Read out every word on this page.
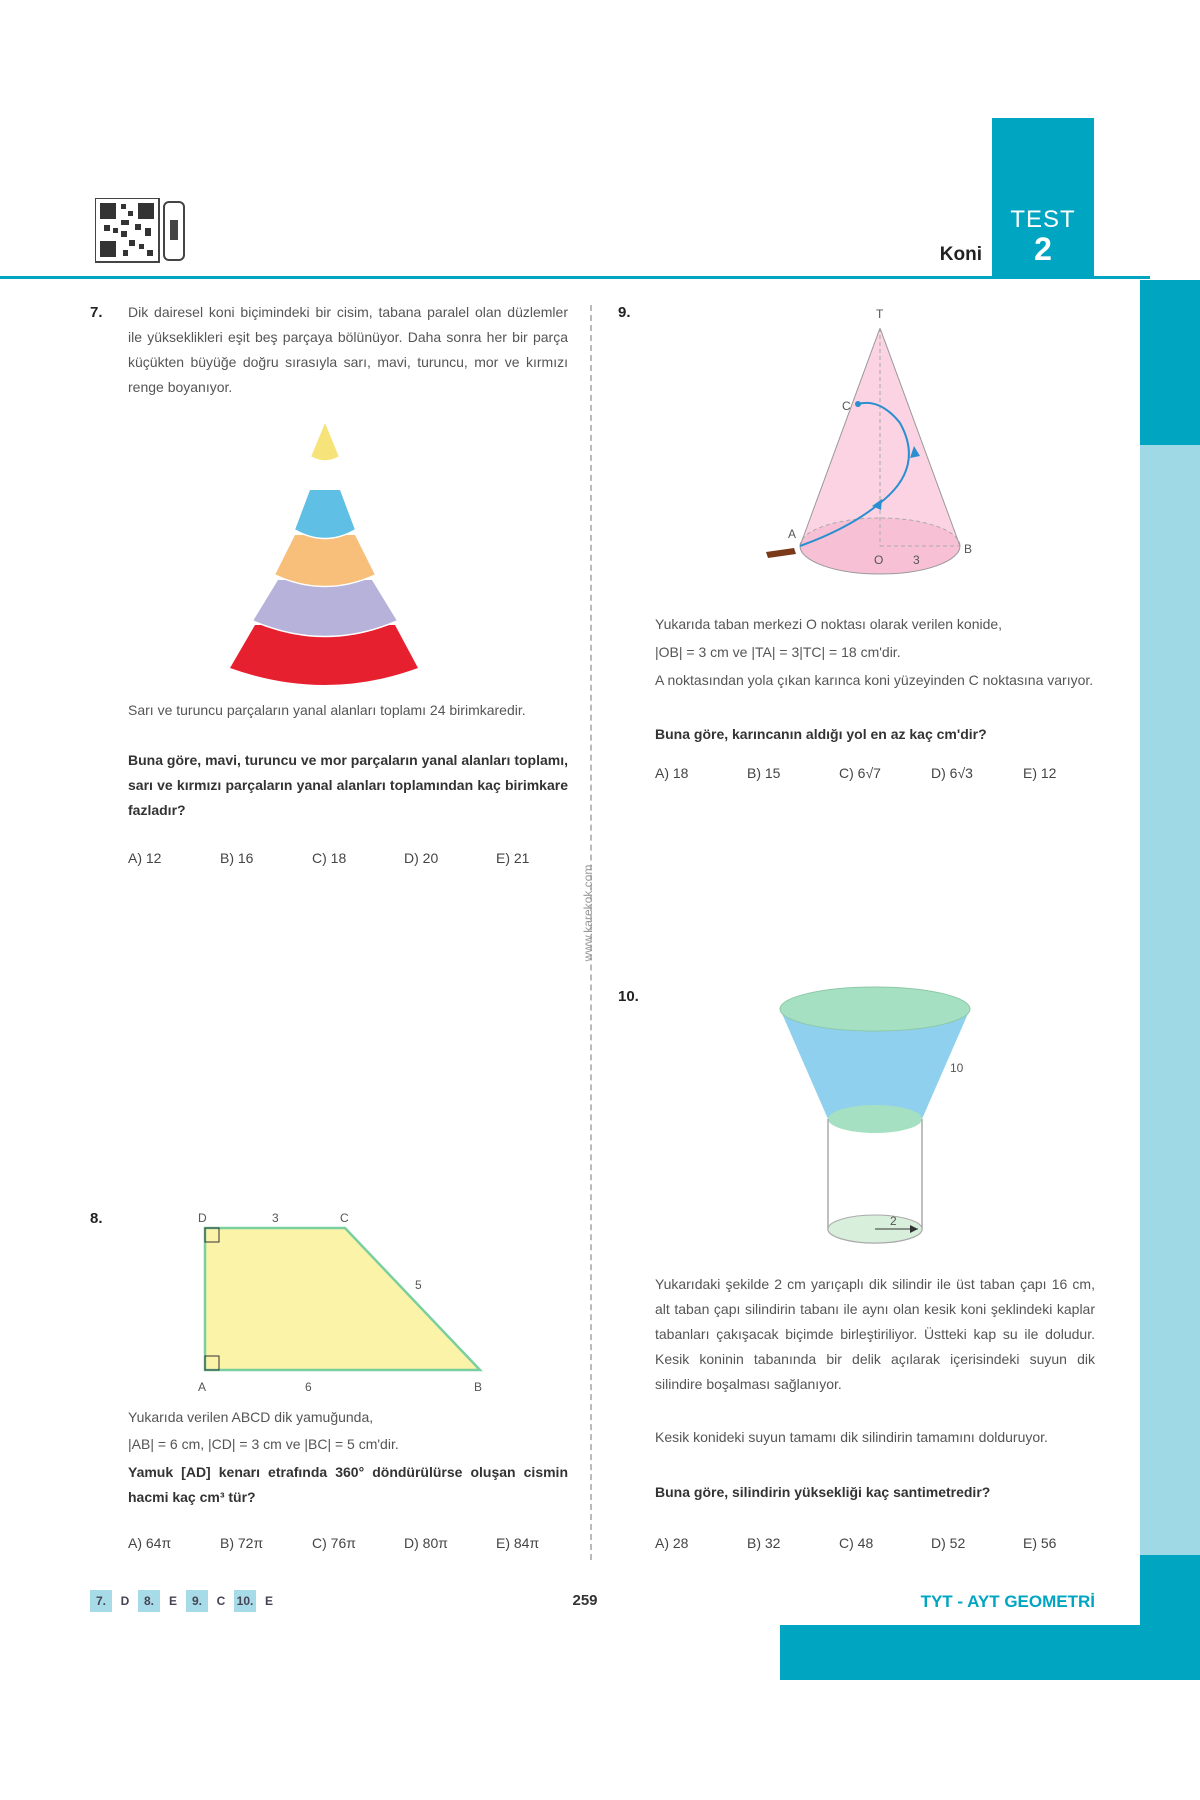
TEST
2
Koni
www.karekok.com
7. Dik dairesel koni biçimindeki bir cisim, tabana paralel olan düzlemler ile yükseklikleri eşit beş parçaya bölünüyor. Daha sonra her bir parça küçükten büyüğe doğru sırasıyla sarı, mavi, turuncu, mor ve kırmızı renge boyanıyor.
Sarı ve turuncu parçaların yanal alanları toplamı 24 birimkaredir.
Buna göre, mavi, turuncu ve mor parçaların yanal alanları toplamı, sarı ve kırmızı parçaların yanal alanları toplamından kaç birimkare fazladır?
A) 12	B) 16	C) 18	D) 20	E) 21
8.	D	C
3
5
A	6	B
Yukarıda verilen ABCD dik yamuğunda,
|AB| = 6 cm, |CD| = 3 cm ve |BC| = 5 cm'dir.
Yamuk [AD] kenarı etrafında 360° döndürülürse oluşan cismin hacmi kaç cm³ tür?
A) 64π	B) 72π	C) 76π	D) 80π	E) 84π
9.	T
C
A
B
O 3
Yukarıda taban merkezi O noktası olarak verilen konide,
|OB| = 3 cm ve |TA| = 3|TC| = 18 cm'dir.
A noktasından yola çıkan karınca koni yüzeyinden C noktasına varıyor.
Buna göre, karıncanın aldığı yol en az kaç cm'dir?
A) 18	B) 15	C) 6√7	D) 6√3	E) 12
10.
10
2
Yukarıdaki şekilde 2 cm yarıçaplı dik silindir ile üst taban çapı 16 cm, alt taban çapı silindirin tabanı ile aynı olan kesik koni şeklindeki kaplar tabanları çakışacak biçimde birleştiriliyor. Üstteki kap su ile doludur. Kesik koninin tabanında bir delik açılarak içerisindeki suyun dik silindire boşalması sağlanıyor.
Kesik konideki suyun tamamı dik silindirin tamamını dolduruyor.
Buna göre, silindirin yüksekliği kaç santimetredir?
A) 28	B) 32	C) 48	D) 52	E) 56
7.	D	8.	E	9.	C 10. E	259	TYT - AYT GEOMETRİ
